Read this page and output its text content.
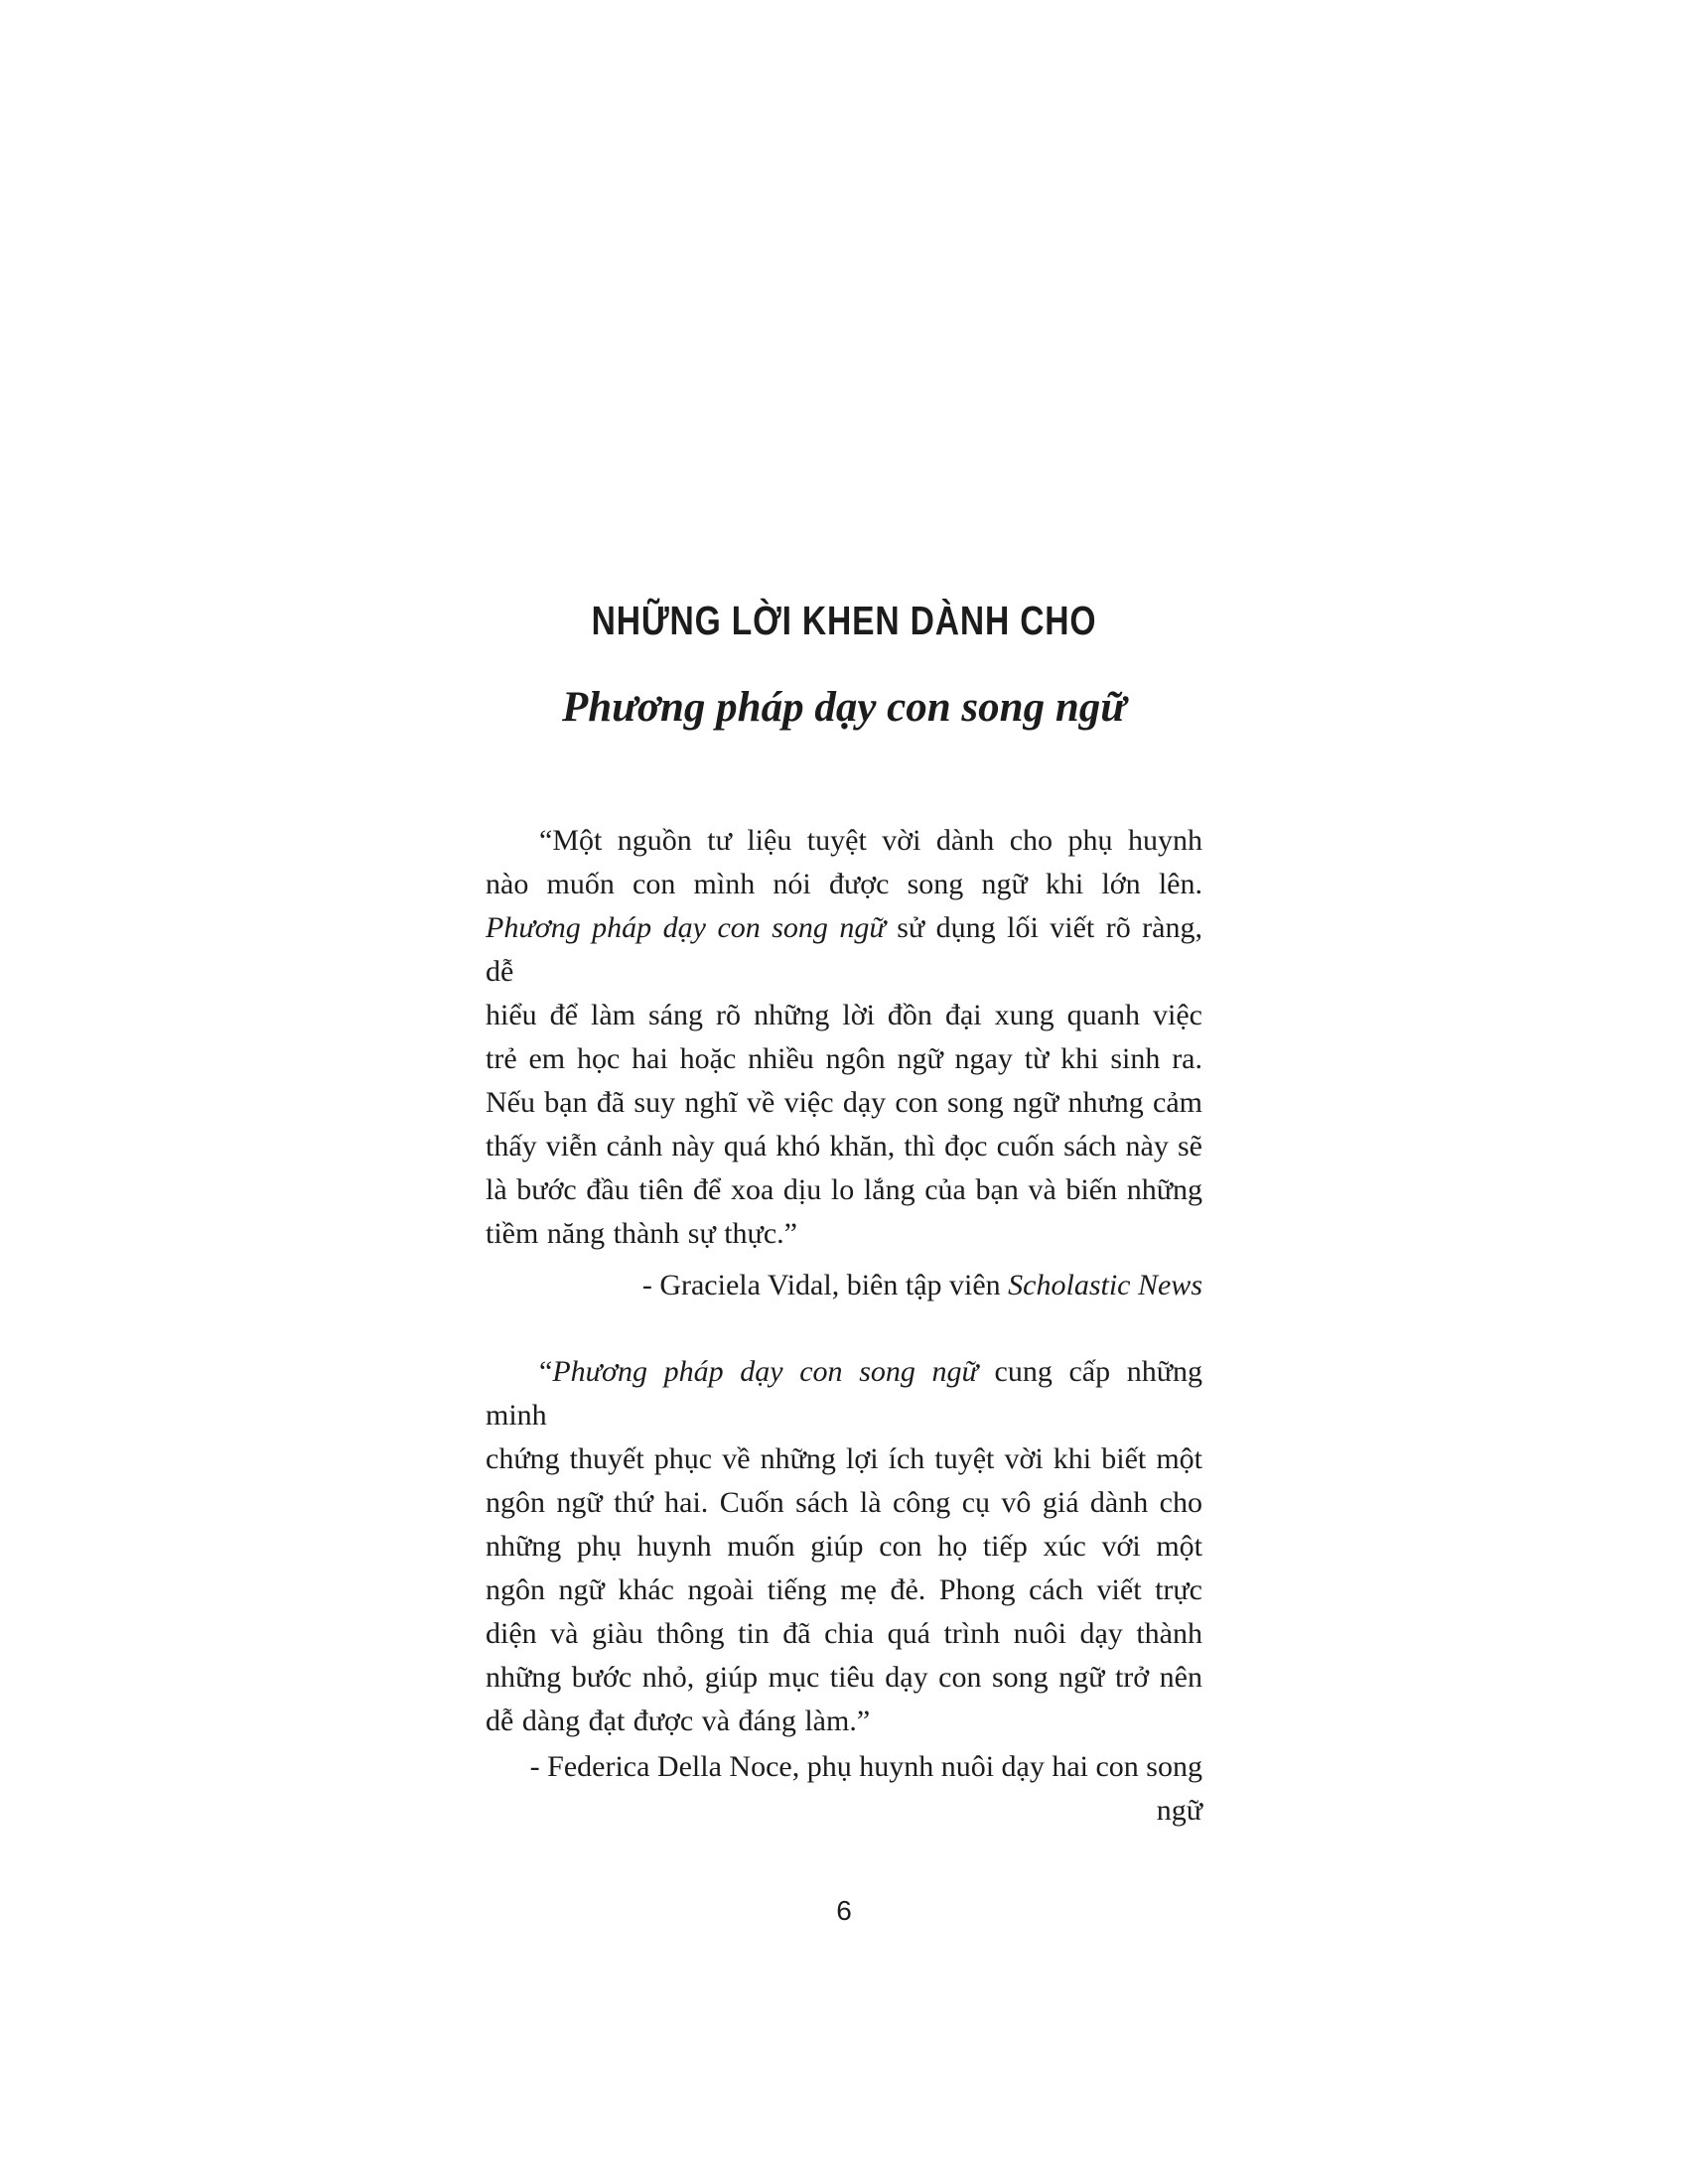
NHỮNG LỜI KHEN DÀNH CHO
Phương pháp dạy con song ngữ
“Một nguồn tư liệu tuyệt vời dành cho phụ huynh
nào muốn con mình nói được song ngữ khi lớn lên.
Phương pháp dạy con song ngữ sử dụng lối viết rõ ràng, dễ
hiểu để làm sáng rõ những lời đồn đại xung quanh việc
trẻ em học hai hoặc nhiều ngôn ngữ ngay từ khi sinh ra.
Nếu bạn đã suy nghĩ về việc dạy con song ngữ nhưng cảm
thấy viễn cảnh này quá khó khăn, thì đọc cuốn sách này sẽ
là bước đầu tiên để xoa dịu lo lắng của bạn và biến những
tiềm năng thành sự thực.”
- Graciela Vidal, biên tập viên Scholastic News
“Phương pháp dạy con song ngữ cung cấp những minh
chứng thuyết phục về những lợi ích tuyệt vời khi biết một
ngôn ngữ thứ hai. Cuốn sách là công cụ vô giá dành cho
những phụ huynh muốn giúp con họ tiếp xúc với một
ngôn ngữ khác ngoài tiếng mẹ đẻ. Phong cách viết trực
diện và giàu thông tin đã chia quá trình nuôi dạy thành
những bước nhỏ, giúp mục tiêu dạy con song ngữ trở nên
dễ dàng đạt được và đáng làm.”
- Federica Della Noce, phụ huynh nuôi dạy hai con song ngữ
6
